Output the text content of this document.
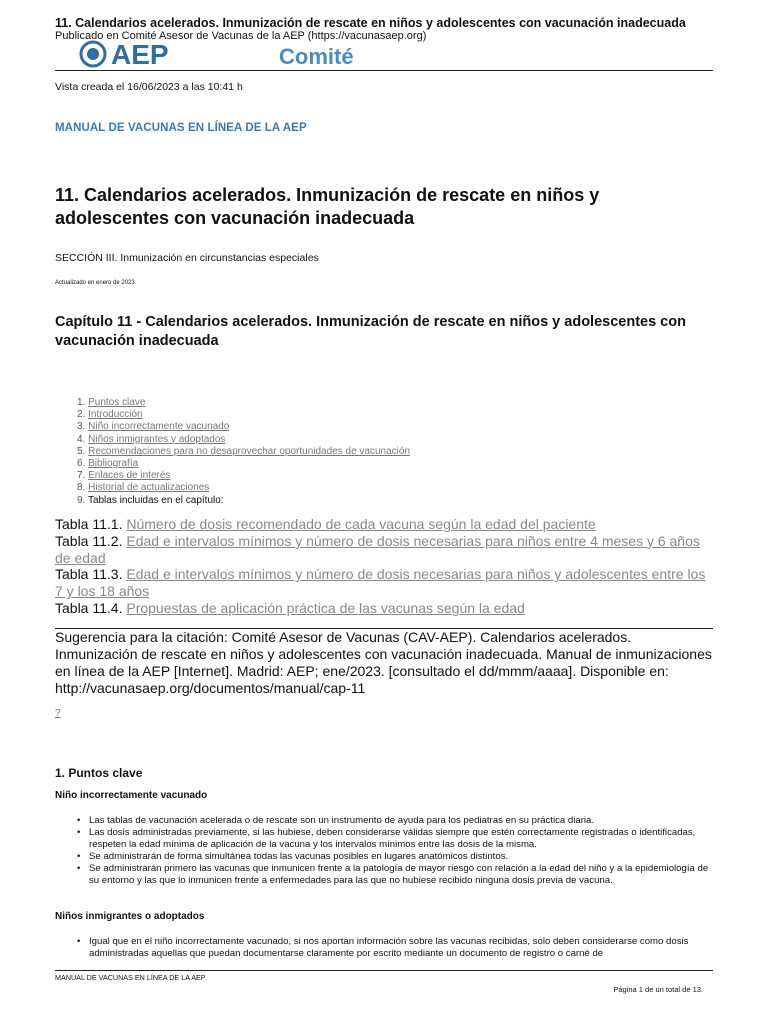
11. Calendarios acelerados. Inmunización de rescate en niños y adolescentes con vacunación inadecuada
AEP	Comité
Publicado en Comité Asesor de Vacunas de la AEP (https://vacunasaep.org)
Vista creada el 16/06/2023 a las 10:41 h
MANUAL DE VACUNAS EN LÍNEA DE LA AEP
11. Calendarios acelerados. Inmunización de rescate en niños y adolescentes con vacunación inadecuada
SECCIÓN III. Inmunización en circunstancias especiales
Actualizado en enero de 2023
Capítulo 11 - Calendarios acelerados. Inmunización de rescate en niños y adolescentes con vacunación inadecuada
1. Puntos clave
2. Introducción
3. Niño incorrectamente vacunado
4. Niños inmigrantes y adoptados
5. Recomendaciones para no desaprovechar oportunidades de vacunación
6. Bibliografía
7. Enlaces de interés
8. Historial de actualizaciones
9. Tablas incluidas en el capítulo:
Tabla 11.1. Número de dosis recomendado de cada vacuna según la edad del paciente
Tabla 11.2. Edad e intervalos mínimos y número de dosis necesarias para niños entre 4 meses y 6 años de edad
Tabla 11.3. Edad e intervalos mínimos y número de dosis necesarias para niños y adolescentes entre los 7 y los 18 años
Tabla 11.4. Propuestas de aplicación práctica de las vacunas según la edad

Sugerencia para la citación: Comité Asesor de Vacunas (CAV-AEP). Calendarios acelerados. Inmunización de rescate en niños y adolescentes con vacunación inadecuada. Manual de inmunizaciones en línea de la AEP [Internet]. Madrid: AEP; ene/2023. [consultado el dd/mmm/aaaa]. Disponible en: http://vacunasaep.org/documentos/manual/cap-11

?
1. Puntos clave
Niño incorrectamente vacunado
• Las tablas de vacunación acelerada o de rescate son un instrumento de ayuda para los pediatras en su práctica diaria.
• Las dosis administradas previamente, si las hubiese, deben considerarse válidas siempre que estén correctamente registradas o identificadas, respeten la edad mínima de aplicación de la vacuna y los intervalos mínimos entre las dosis de la misma.
• Se administrarán de forma simultánea todas las vacunas posibles en lugares anatómicos distintos.
• Se administrarán primero las vacunas que inmunicen frente a la patología de mayor riesgo con relación a la edad del niño y a la epidemiología de su entorno y las que lo inmunicen frente a enfermedades para las que no hubiese recibido ninguna dosis previa de vacuna.
Niños inmigrantes o adoptados
• Igual que en el niño incorrectamente vacunado, si nos aportan información sobre las vacunas recibidas, solo deben considerarse como dosis administradas aquellas que puedan documentarse claramente por escrito mediante un documento de registro o carné de
MANUAL DE VACUNAS EN LÍNEA DE LA AEP
Página 1 de un total de 13.
